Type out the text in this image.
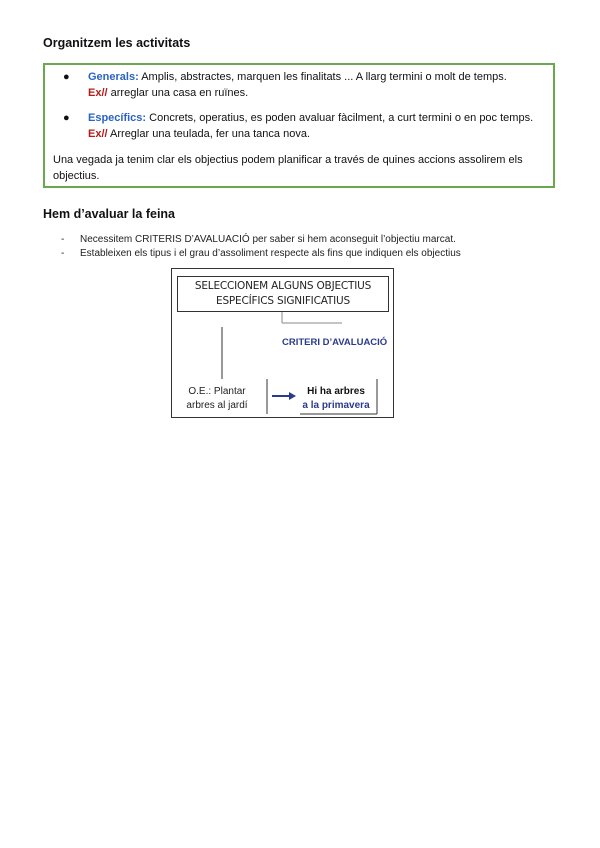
Organitzem les activitats
● Generals: Amplis, abstractes, marquen les finalitats ... A llarg termini o molt de temps.
Ex// arreglar una casa en ruïnes.
● Específics: Concrets, operatius, es poden avaluar fàcilment, a curt termini o en poc temps.
Ex// Arreglar una teulada, fer una tanca nova.
Una vegada ja tenim clar els objectius podem planificar a través de quines accions assolirem els objectius.
Hem d’avaluar la feina
- Necessitem CRITERIS D’AVALUACIÓ per saber si hem aconseguit l’objectiu marcat.
- Estableixen els tipus i el grau d’assoliment respecte als fins que indiquen els objectius
SELECCIONEM ALGUNS OBJECTIUS
ESPECÍFICS SIGNIFICATIUS
CRITERI D’AVALUACIÓ
O.E.: Plantar
arbres al jardí
Hi ha arbres
a la primavera
